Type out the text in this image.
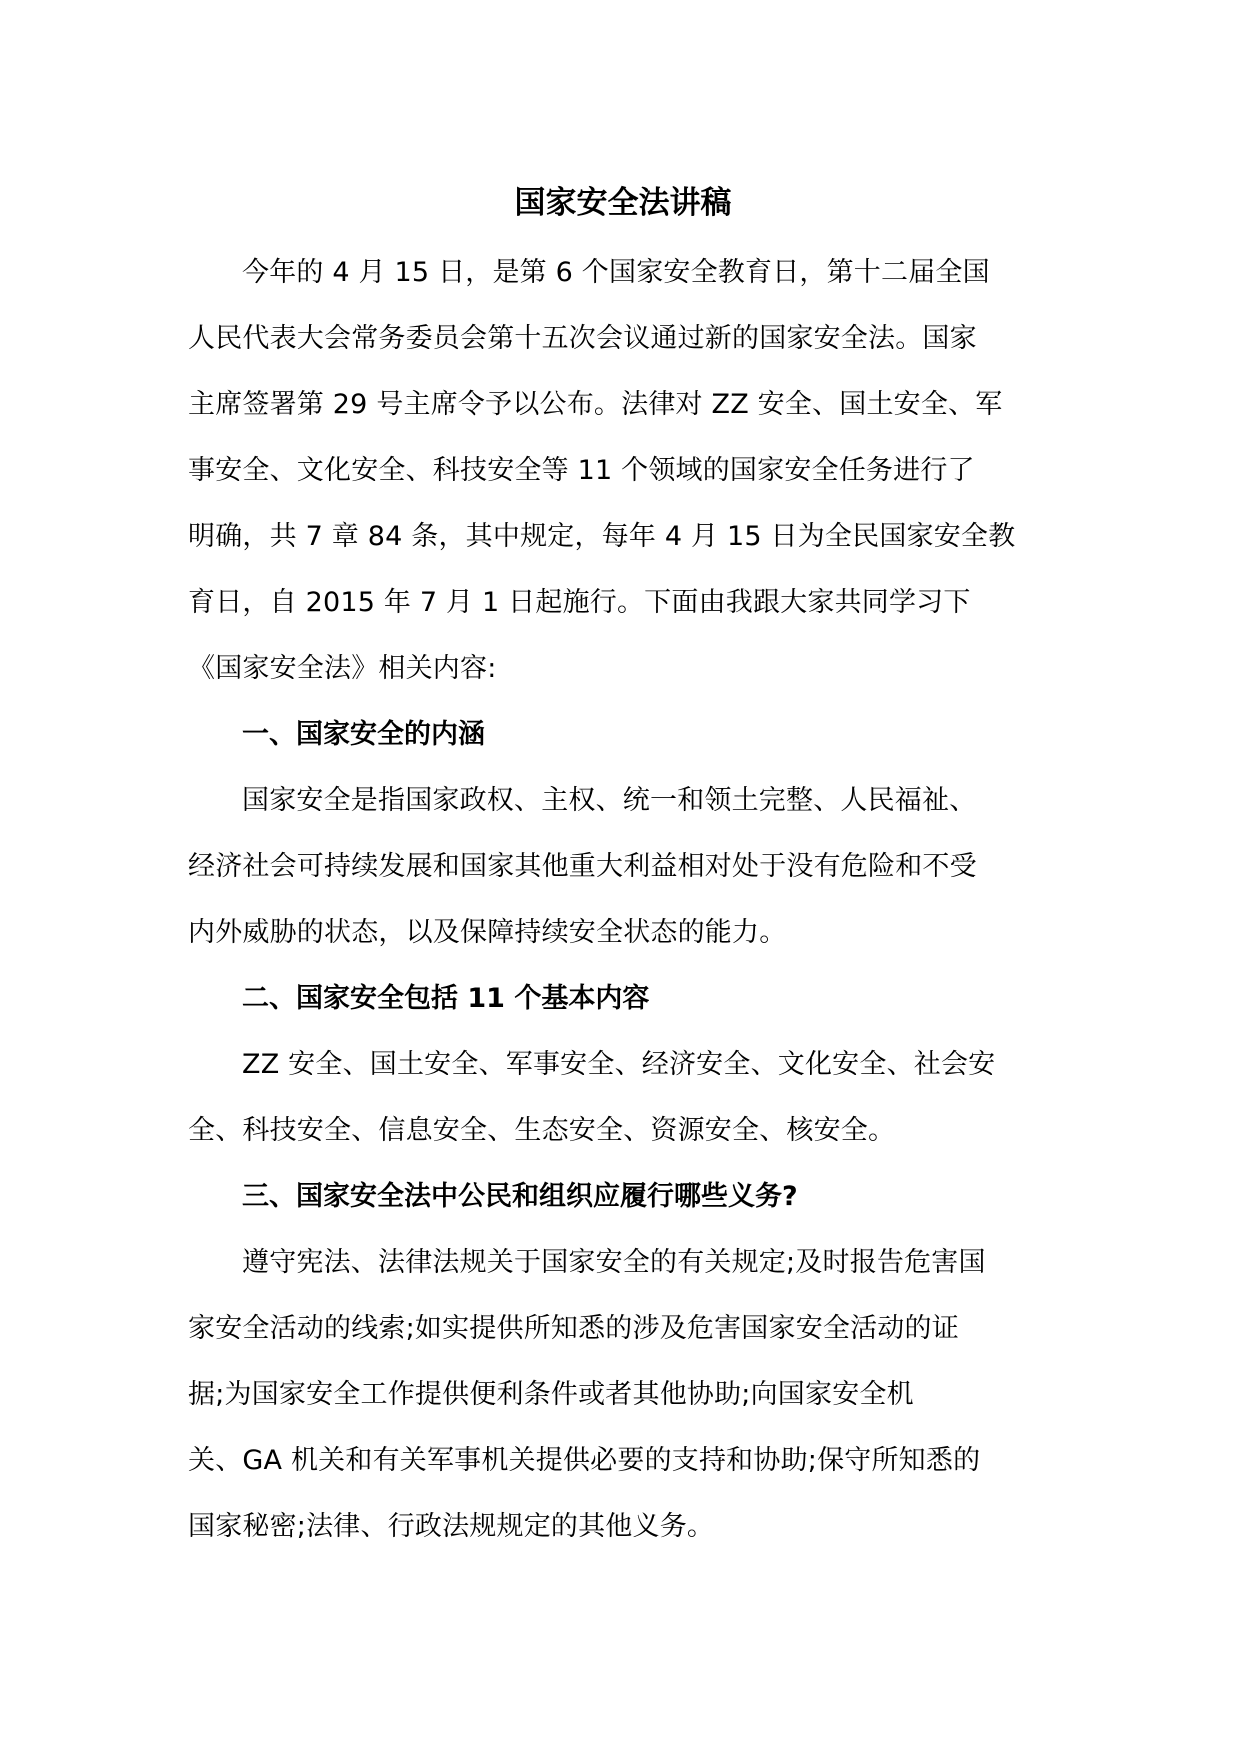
国家安全法讲稿

今年的 4 月 15 日，是第 6 个国家安全教育日，第十二届全国
人民代表大会常务委员会第十五次会议通过新的国家安全法。国家
主席签署第 29 号主席令予以公布。法律对 ZZ 安全、国土安全、军
事安全、文化安全、科技安全等 11 个领域的国家安全任务进行了
明确，共 7 章 84 条，其中规定，每年 4 月 15 日为全民国家安全教
育日，自 2015 年 7 月 1 日起施行。下面由我跟大家共同学习下
《国家安全法》相关内容:

一、国家安全的内涵

国家安全是指国家政权、主权、统一和领土完整、人民福祉、
经济社会可持续发展和国家其他重大利益相对处于没有危险和不受
内外威胁的状态，以及保障持续安全状态的能力。

二、国家安全包括 11 个基本内容

ZZ 安全、国土安全、军事安全、经济安全、文化安全、社会安
全、科技安全、信息安全、生态安全、资源安全、核安全。

三、国家安全法中公民和组织应履行哪些义务?

遵守宪法、法律法规关于国家安全的有关规定;及时报告危害国
家安全活动的线索;如实提供所知悉的涉及危害国家安全活动的证
据;为国家安全工作提供便利条件或者其他协助;向国家安全机
关、GA 机关和有关军事机关提供必要的支持和协助;保守所知悉的
国家秘密;法律、行政法规规定的其他义务。
